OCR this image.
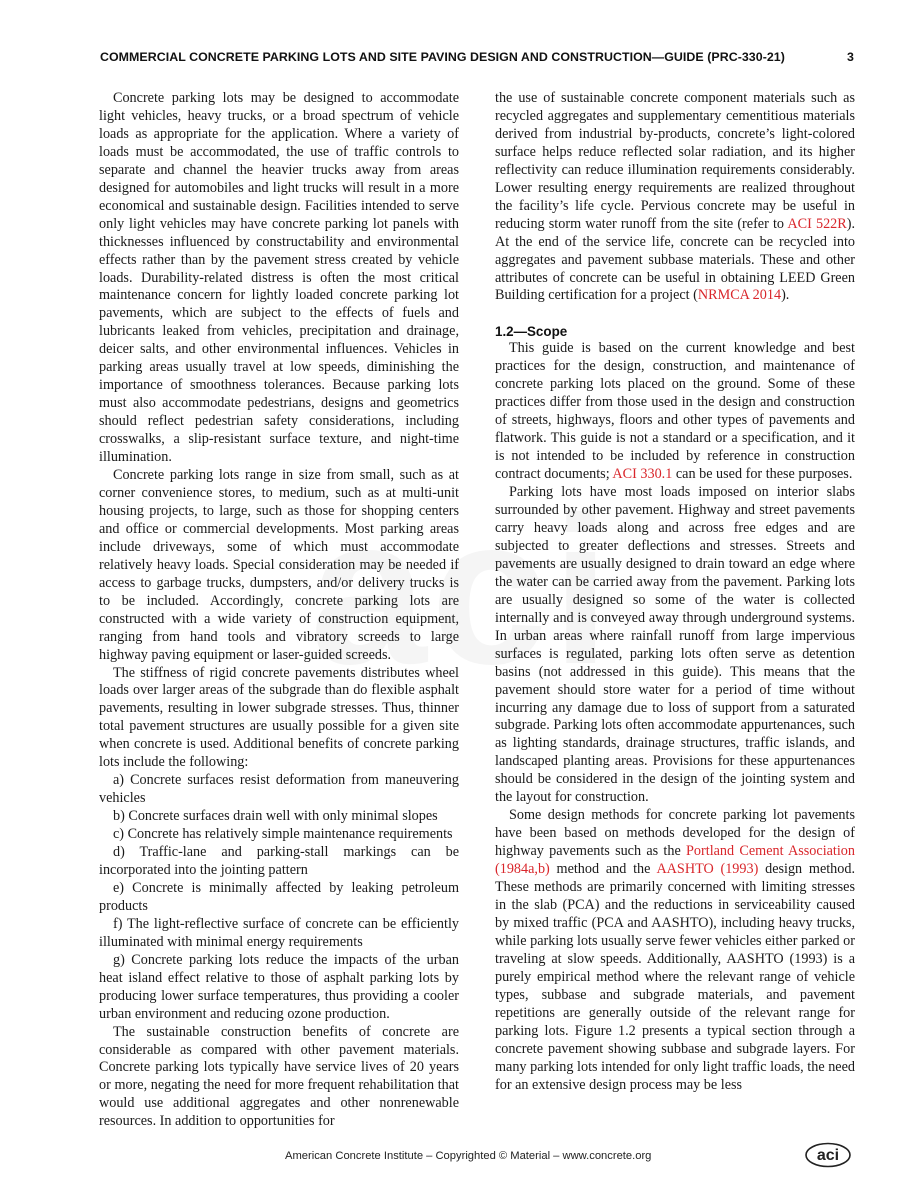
COMMERCIAL CONCRETE PARKING LOTS AND SITE PAVING DESIGN AND CONSTRUCTION—GUIDE (PRC-330-21)	3

Concrete parking lots may be designed to accommodate light vehicles, heavy trucks, or a broad spectrum of vehicle loads as appropriate for the application. Where a variety of loads must be accommodated, the use of traffic controls to separate and channel the heavier trucks away from areas designed for automobiles and light trucks will result in a more economical and sustainable design. Facilities intended to serve only light vehicles may have concrete parking lot panels with thicknesses influenced by constructability and environmental effects rather than by the pavement stress created by vehicle loads. Durability-related distress is often the most critical maintenance concern for lightly loaded concrete parking lot pavements, which are subject to the effects of fuels and lubricants leaked from vehicles, precipitation and drainage, deicer salts, and other environmental influences. Vehicles in parking areas usually travel at low speeds, diminishing the importance of smoothness tolerances. Because parking lots must also accommodate pedestrians, designs and geometrics should reflect pedestrian safety considerations, including crosswalks, a slip-resistant surface texture, and night-time illumination.

Concrete parking lots range in size from small, such as at corner convenience stores, to medium, such as at multi-unit housing projects, to large, such as those for shopping centers and office or commercial developments. Most parking areas include driveways, some of which must accommodate relatively heavy loads. Special consideration may be needed if access to garbage trucks, dumpsters, and/or delivery trucks is to be included. Accordingly, concrete parking lots are constructed with a wide variety of construction equipment, ranging from hand tools and vibratory screeds to large highway paving equipment or laser-guided screeds.

The stiffness of rigid concrete pavements distributes wheel loads over larger areas of the subgrade than do flexible asphalt pavements, resulting in lower subgrade stresses. Thus, thinner total pavement structures are usually possible for a given site when concrete is used. Additional benefits of concrete parking lots include the following:

a) Concrete surfaces resist deformation from maneuvering vehicles

b) Concrete surfaces drain well with only minimal slopes

c) Concrete has relatively simple maintenance requirements

d) Traffic-lane and parking-stall markings can be incorporated into the jointing pattern

e) Concrete is minimally affected by leaking petroleum products

f) The light-reflective surface of concrete can be efficiently illuminated with minimal energy requirements

g) Concrete parking lots reduce the impacts of the urban heat island effect relative to those of asphalt parking lots by producing lower surface temperatures, thus providing a cooler urban environment and reducing ozone production.

The sustainable construction benefits of concrete are considerable as compared with other pavement materials. Concrete parking lots typically have service lives of 20 years or more, negating the need for more frequent rehabilitation that would use additional aggregates and other nonrenewable resources. In addition to opportunities for

the use of sustainable concrete component materials such as recycled aggregates and supplementary cementitious materials derived from industrial by-products, concrete’s light-colored surface helps reduce reflected solar radiation, and its higher reflectivity can reduce illumination requirements considerably. Lower resulting energy requirements are realized throughout the facility’s life cycle. Pervious concrete may be useful in reducing storm water runoff from the site (refer to ACI 522R). At the end of the service life, concrete can be recycled into aggregates and pavement subbase materials. These and other attributes of concrete can be useful in obtaining LEED Green Building certification for a project (NRMCA 2014).

1.2—Scope

This guide is based on the current knowledge and best practices for the design, construction, and maintenance of concrete parking lots placed on the ground. Some of these practices differ from those used in the design and construction of streets, highways, floors and other types of pavements and flatwork. This guide is not a standard or a specification, and it is not intended to be included by reference in construction contract documents; ACI 330.1 can be used for these purposes.

Parking lots have most loads imposed on interior slabs surrounded by other pavement. Highway and street pavements carry heavy loads along and across free edges and are subjected to greater deflections and stresses. Streets and pavements are usually designed to drain toward an edge where the water can be carried away from the pavement. Parking lots are usually designed so some of the water is collected internally and is conveyed away through underground systems. In urban areas where rainfall runoff from large impervious surfaces is regulated, parking lots often serve as detention basins (not addressed in this guide). This means that the pavement should store water for a period of time without incurring any damage due to loss of support from a saturated subgrade. Parking lots often accommodate appurtenances, such as lighting standards, drainage structures, traffic islands, and landscaped planting areas. Provisions for these appurtenances should be considered in the design of the jointing system and the layout for construction.

Some design methods for concrete parking lot pavements have been based on methods developed for the design of highway pavements such as the Portland Cement Association (1984a,b) method and the AASHTO (1993) design method. These methods are primarily concerned with limiting stresses in the slab (PCA) and the reductions in serviceability caused by mixed traffic (PCA and AASHTO), including heavy trucks, while parking lots usually serve fewer vehicles either parked or traveling at slow speeds. Additionally, AASHTO (1993) is a purely empirical method where the relevant range of vehicle types, subbase and subgrade materials, and pavement repetitions are generally outside of the relevant range for parking lots. Figure 1.2 presents a typical section through a concrete pavement showing subbase and subgrade layers. For many parking lots intended for only light traffic loads, the need for an extensive design process may be less

American Concrete Institute – Copyrighted © Material – www.concrete.org	aci
